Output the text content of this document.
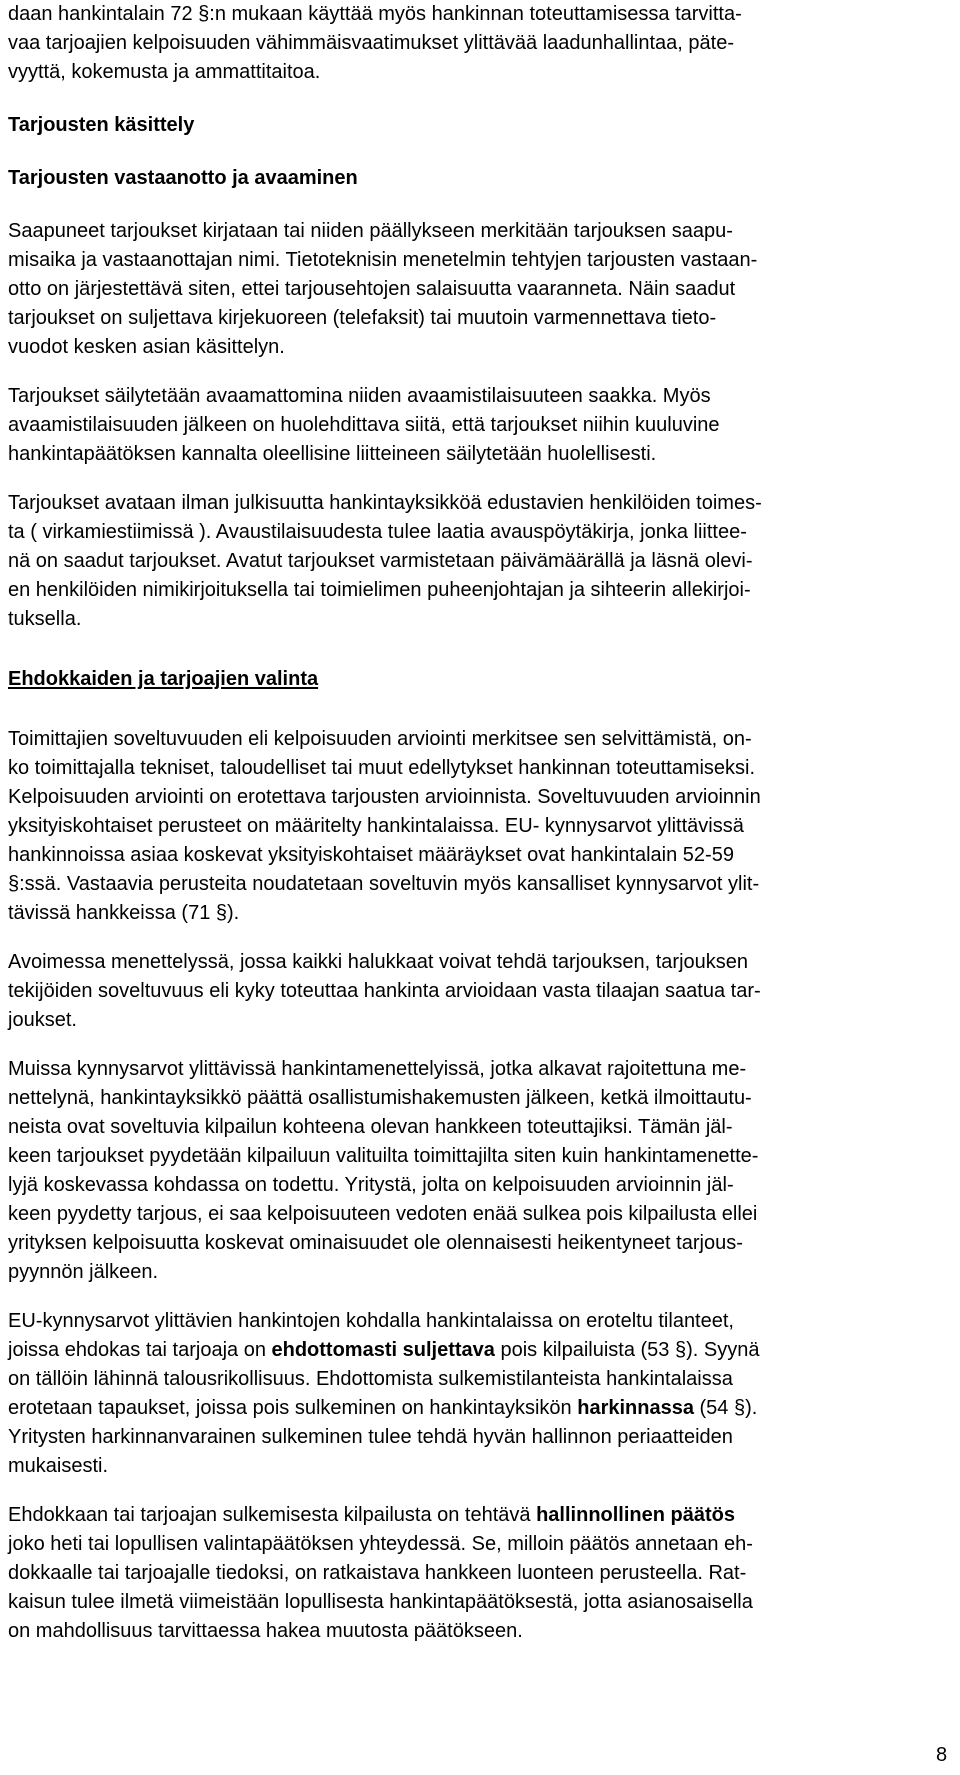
daan hankintalain 72 §:n mukaan käyttää myös hankinnan toteuttamisessa tarvitta-
vaa tarjoajien kelpoisuuden vähimmäisvaatimukset ylittävää laadunhallintaa, päte-
vyyttä, kokemusta ja ammattitaitoa.

Tarjousten käsittely
Tarjousten vastaanotto ja avaaminen

Saapuneet tarjoukset kirjataan tai niiden päällykseen merkitään tarjouksen saapu-
misaika ja vastaanottajan nimi. Tietoteknisin menetelmin tehtyjen tarjousten vastaan-
otto on järjestettävä siten, ettei tarjousehtojen salaisuutta vaaranneta. Näin saadut
tarjoukset on suljettava kirjekuoreen (telefaksit) tai muutoin varmennettava tieto-
vuodot kesken asian käsittelyn.

Tarjoukset säilytetään avaamattomina niiden avaamistilaisuuteen saakka. Myös
avaamistilaisuuden jälkeen on huolehdittava siitä, että tarjoukset niihin kuuluvine
hankintapäätöksen kannalta oleellisine liitteineen säilytetään huolellisesti.

Tarjoukset avataan ilman julkisuutta hankintayksikköä edustavien henkilöiden toimes-
ta ( virkamiestiimissä ). Avaustilaisuudesta tulee laatia avauspöytäkirja, jonka liittee-
nä on saadut tarjoukset. Avatut tarjoukset varmistetaan päivämäärällä ja läsnä olevi-
en henkilöiden nimikirjoituksella tai toimielimen puheenjohtajan ja sihteerin allekirjoi-
tuksella.

Ehdokkaiden ja tarjoajien valinta

Toimittajien soveltuvuuden eli kelpoisuuden arviointi merkitsee sen selvittämistä, on-
ko toimittajalla tekniset, taloudelliset tai muut edellytykset hankinnan toteuttamiseksi.
Kelpoisuuden arviointi on erotettava tarjousten arvioinnista. Soveltuvuuden arvioinnin
yksityiskohtaiset perusteet on määritelty hankintalaissa. EU- kynnysarvot ylittävissä
hankinnoissa asiaa koskevat yksityiskohtaiset määräykset ovat hankintalain 52-59
§:ssä. Vastaavia perusteita noudatetaan soveltuvin myös kansalliset kynnysarvot ylit-
tävissä hankkeissa (71 §).

Avoimessa menettelyssä, jossa kaikki halukkaat voivat tehdä tarjouksen, tarjouksen
tekijöiden soveltuvuus eli kyky toteuttaa hankinta arvioidaan vasta tilaajan saatua tar-
joukset.

Muissa kynnysarvot ylittävissä hankintamenettelyissä, jotka alkavat rajoitettuna me-
nettelynä, hankintayksikkö päättä osallistumishakemusten jälkeen, ketkä ilmoittautu-
neista ovat soveltuvia kilpailun kohteena olevan hankkeen toteuttajiksi. Tämän jäl-
keen tarjoukset pyydetään kilpailuun valituilta toimittajilta siten kuin hankintamenette-
lyjä koskevassa kohdassa on todettu. Yritystä, jolta on kelpoisuuden arvioinnin jäl-
keen pyydetty tarjous, ei saa kelpoisuuteen vedoten enää sulkea pois kilpailusta ellei
yrityksen kelpoisuutta koskevat ominaisuudet ole olennaisesti heikentyneet tarjous-
pyynnön jälkeen.

EU-kynnysarvot ylittävien hankintojen kohdalla hankintalaissa on eroteltu tilanteet,
joissa ehdokas tai tarjoaja on ehdottomasti suljettava pois kilpailuista (53 §). Syynä
on tällöin lähinnä talousrikollisuus. Ehdottomista sulkemistilanteista hankintalaissa
erotetaan tapaukset, joissa pois sulkeminen on hankintayksikön harkinnassa (54 §).
Yritysten harkinnanvarainen sulkeminen tulee tehdä hyvän hallinnon periaatteiden
mukaisesti.

Ehdokkaan tai tarjoajan sulkemisesta kilpailusta on tehtävä hallinnollinen päätös
joko heti tai lopullisen valintapäätöksen yhteydessä. Se, milloin päätös annetaan eh-
dokkaalle tai tarjoajalle tiedoksi, on ratkaistava hankkeen luonteen perusteella. Rat-
kaisun tulee ilmetä viimeistään lopullisesta hankintapäätöksestä, jotta asianosaisella
on mahdollisuus tarvittaessa hakea muutosta päätökseen.

8
